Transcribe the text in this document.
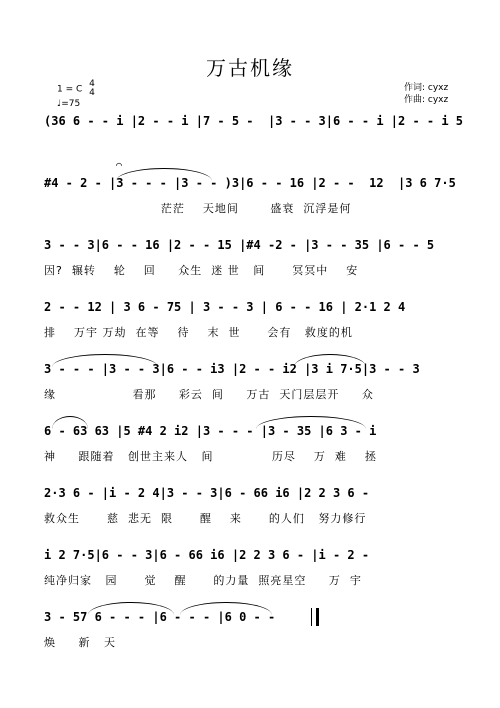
万古机缘
1 = C 4
4
♩=75
作词: cyxz
作曲: cyxz

(36 6 - - i |2 - - i |7 - 5 -  |3 - - 3|6 - - i |2 - - i 5

⌒

#4 - 2 - |3 - - - |3 - - )3|6 - - 16 |2 - -  12  |3 6 7·5

茫茫    天地间       盛衰  沉浮是何

3 - - 3|6 - - 16 |2 - - 15 |#4 -2 - |3 - - 35 |6 - - 5

因?  辗转    轮    回     众生  迷 世   间      冥冥中    安

2 - - 12 | 3 6 - 75 | 3 - - 3 | 6 - - 16 | 2·1 2 4

排    万宇 万劫  在等    待    末  世      会有   救度的机

3 - - - |3 - - 3|6 - - i3 |2 - - i2 |3 i 7·5|3 - - 3

缘                 看那     彩云  间     万古  天门层层开     众

6 - 63 63 |5 #4 2 i2 |3 - - - |3 - 35 |6 3 - i

神     跟随着   创世主来人   间             历尽    万  难    拯

2·3 6 - |i - 2 4|3 - - 3|6 - 66 i6 |2 2 3 6 -

救众生      慈  悲无  限      醒    来      的人们   努力修行

i 2 7·5|6 - - 3|6 - 66 i6 |2 2 3 6 - |i - 2 -

纯净归家   园      觉    醒      的力量  照亮星空     万  宇

3 - 57 6 - - - |6 - - - |6 0 - -

焕     新   天
